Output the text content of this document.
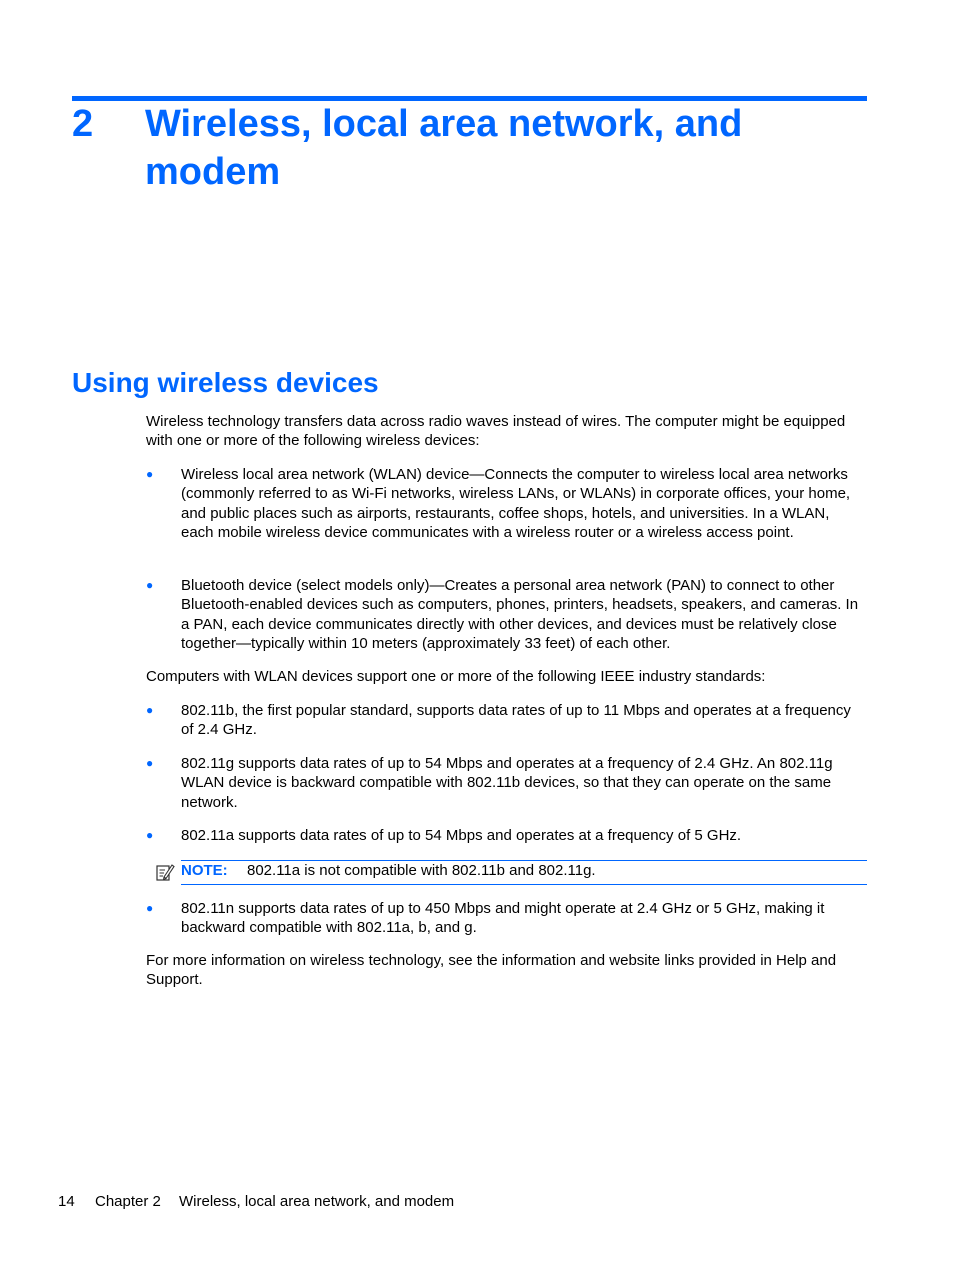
2 Wireless, local area network, and modem
Using wireless devices

Wireless technology transfers data across radio waves instead of wires. The computer might be equipped with one or more of the following wireless devices:

● Wireless local area network (WLAN) device—Connects the computer to wireless local area networks (commonly referred to as Wi-Fi networks, wireless LANs, or WLANs) in corporate offices, your home, and public places such as airports, restaurants, coffee shops, hotels, and universities. In a WLAN, each mobile wireless device communicates with a wireless router or a wireless access point.
● Bluetooth device (select models only)—Creates a personal area network (PAN) to connect to other Bluetooth-enabled devices such as computers, phones, printers, headsets, speakers, and cameras. In a PAN, each device communicates directly with other devices, and devices must be relatively close together—typically within 10 meters (approximately 33 feet) of each other.

Computers with WLAN devices support one or more of the following IEEE industry standards:

● 802.11b, the first popular standard, supports data rates of up to 11 Mbps and operates at a frequency of 2.4 GHz.
● 802.11g supports data rates of up to 54 Mbps and operates at a frequency of 2.4 GHz. An 802.11g WLAN device is backward compatible with 802.11b devices, so that they can operate on the same network.
● 802.11a supports data rates of up to 54 Mbps and operates at a frequency of 5 GHz.
NOTE: 802.11a is not compatible with 802.11b and 802.11g.
● 802.11n supports data rates of up to 450 Mbps and might operate at 2.4 GHz or 5 GHz, making it backward compatible with 802.11a, b, and g.

For more information on wireless technology, see the information and website links provided in Help and Support.

14 Chapter 2 Wireless, local area network, and modem
